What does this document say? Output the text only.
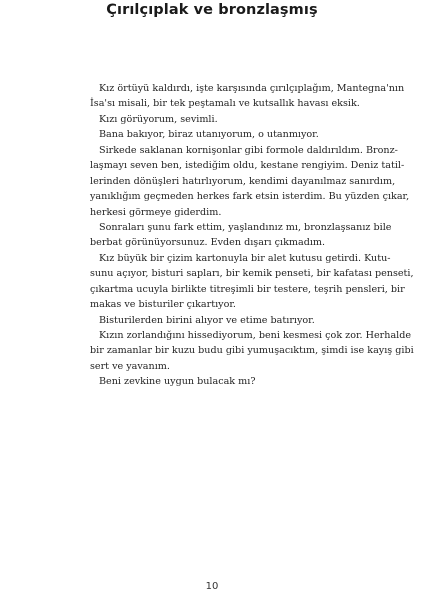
Çırılçıplak ve bronzlaşmış
Kız örtüyü kaldırdı, işte karşısında çırılçıplağım, Mantegna'nın
İsa'sı misali, bir tek peştamalı ve kutsallık havası eksik.
Kızı görüyorum, sevimli.
Bana bakıyor, biraz utanıyorum, o utanmıyor.
Sirkede saklanan kornişonlar gibi formole daldırıldım. Bronz-
laşmayı seven ben, istediğim oldu, kestane rengiyim. Deniz tatil-
lerinden dönüşleri hatırlıyorum, kendimi dayanılmaz sanırdım,
yanıklığım geçmeden herkes fark etsin isterdim. Bu yüzden çıkar,
herkesi görmeye giderdim.
Sonraları şunu fark ettim, yaşlandınız mı, bronzlaşsanız bile
berbat görünüyorsunuz. Evden dışarı çıkmadım.
Kız büyük bir çizim kartonuyla bir alet kutusu getirdi. Kutu-
sunu açıyor, bisturi sapları, bir kemik penseti, bir kafatası penseti,
çıkartma ucuyla birlikte titreşimli bir testere, teşrih pensleri, bir
makas ve bisturiler çıkartıyor.
Bisturilerden birini alıyor ve etime batırıyor.
Kızın zorlandığını hissediyorum, beni kesmesi çok zor. Herhalde
bir zamanlar bir kuzu budu gibi yumuşacıktım, şimdi ise kayış gibi
sert ve yavanım.
Beni zevkine uygun bulacak mı?
10
